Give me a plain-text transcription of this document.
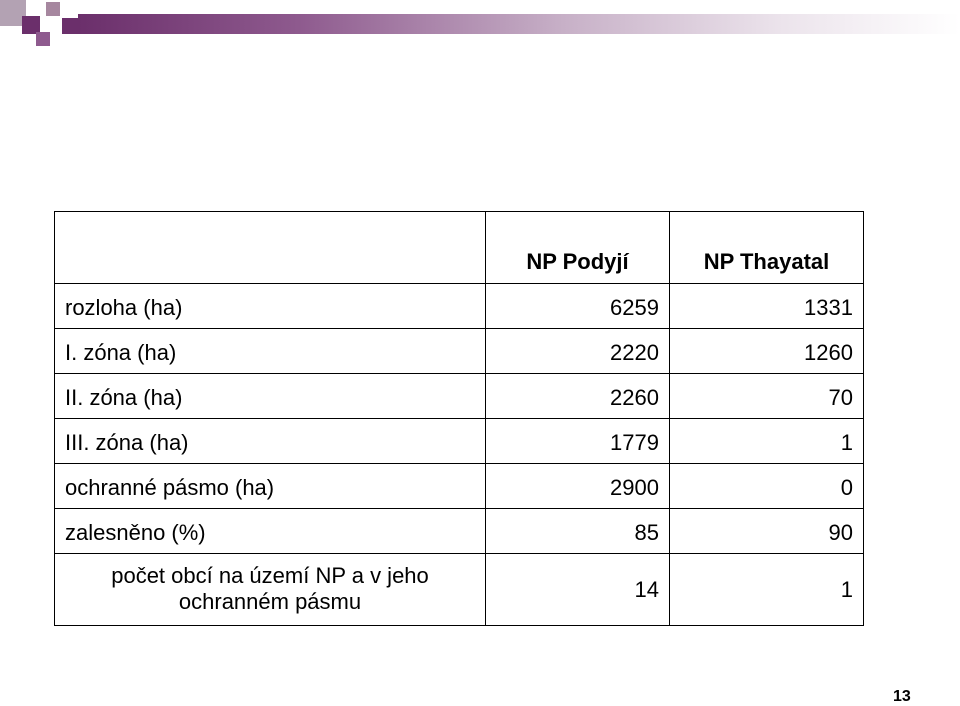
	NP Podyjí	NP Thayatal
rozloha (ha)	6259	1331
I. zóna (ha)	2220	1260
II. zóna (ha)	2260	70
III. zóna (ha)	1779	1
ochranné pásmo (ha)	2900	0
zalesněno (%)	85	90

počet obcí na území NP a v jeho
ochranném pásmu	14	1
13
